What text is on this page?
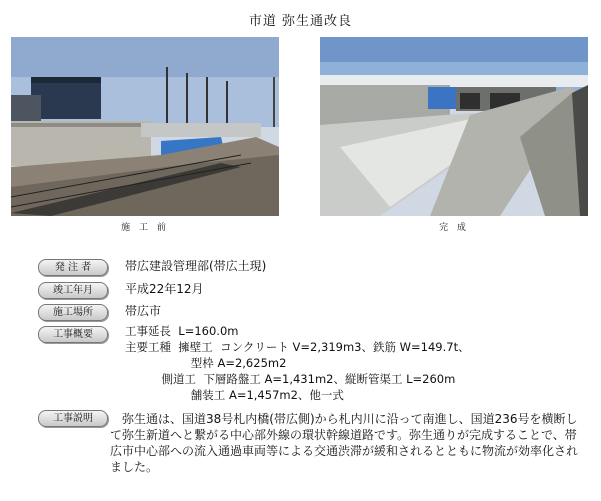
市道 弥生通改良
施 工 前	完 成
発 注 者	帯広建設管理部(帯広土現)
竣工年月	平成22年12月
施工場所	帯広市
工事概要	工事延長  L=160.0m
主要工種  擁壁工  コンクリート V=2,319m3、鉄筋 W=149.7t、
型枠 A=2,625m2
側道工  下層路盤工 A=1,431m2、縦断管渠工 L=260m
舗装工 A=1,457m2、他一式
工事説明	弥生通は、国道38号札内橋(帯広側)から札内川に沿って南進し、国道236号を横断して弥生新道へと繋がる中心部外線の環状幹線道路です。弥生通りが完成することで、帯広市中心部への流入通過車両等による交通渋滞が緩和されるとともに物流が効率化されました。
